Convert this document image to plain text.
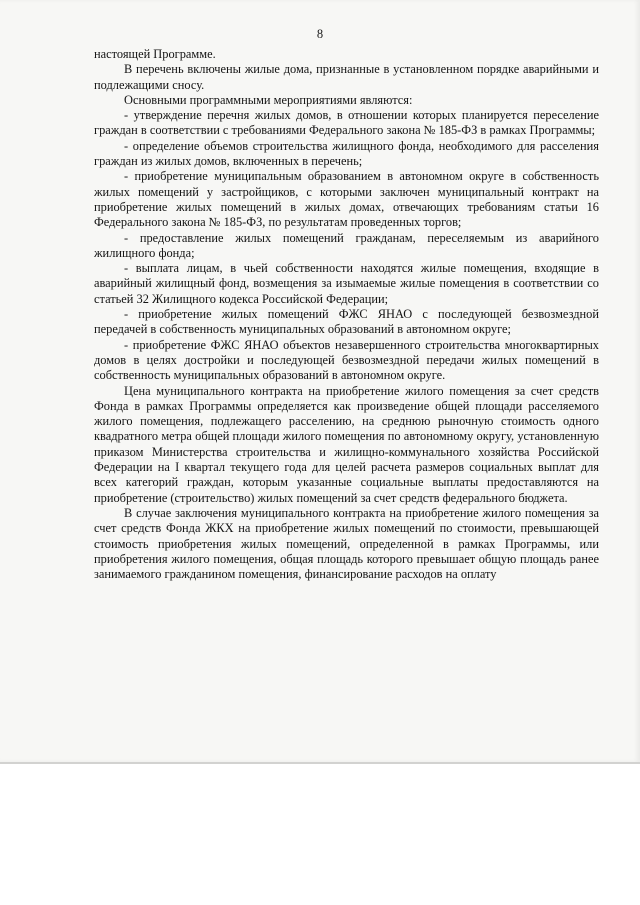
8

настоящей Программе.

В перечень включены жилые дома, признанные в установленном порядке аварийными и подлежащими сносу.

Основными программными мероприятиями являются:

- утверждение перечня жилых домов, в отношении которых планируется переселение граждан в соответствии с требованиями Федерального закона № 185-ФЗ в рамках Программы;

- определение объемов строительства жилищного фонда, необходимого для расселения граждан из жилых домов, включенных в перечень;

- приобретение муниципальным образованием в автономном округе в собственность жилых помещений у застройщиков, с которыми заключен муниципальный контракт на приобретение жилых помещений в жилых домах, отвечающих требованиям статьи 16 Федерального закона № 185-ФЗ, по результатам проведенных торгов;

- предоставление жилых помещений гражданам, переселяемым из аварийного жилищного фонда;

- выплата лицам, в чьей собственности находятся жилые помещения, входящие в аварийный жилищный фонд, возмещения за изымаемые жилые помещения в соответствии со статьей 32 Жилищного кодекса Российской Федерации;

- приобретение жилых помещений ФЖС ЯНАО с последующей безвозмездной передачей в собственность муниципальных образований в автономном округе;

- приобретение ФЖС ЯНАО объектов незавершенного строительства многоквартирных домов в целях достройки и последующей безвозмездной передачи жилых помещений в собственность муниципальных образований в автономном округе.

Цена муниципального контракта на приобретение жилого помещения за счет средств Фонда в рамках Программы определяется как произведение общей площади расселяемого жилого помещения, подлежащего расселению, на среднюю рыночную стоимость одного квадратного метра общей площади жилого помещения по автономному округу, установленную приказом Министерства строительства и жилищно-коммунального хозяйства Российской Федерации на I квартал текущего года для целей расчета размеров социальных выплат для всех категорий граждан, которым указанные социальные выплаты предоставляются на приобретение (строительство) жилых помещений за счет средств федерального бюджета.

В случае заключения муниципального контракта на приобретение жилого помещения за счет средств Фонда ЖКХ на приобретение жилых помещений по стоимости, превышающей стоимость приобретения жилых помещений, определенной в рамках Программы, или приобретения жилого помещения, общая площадь которого превышает общую площадь ранее занимаемого гражданином помещения, финансирование расходов на оплату
